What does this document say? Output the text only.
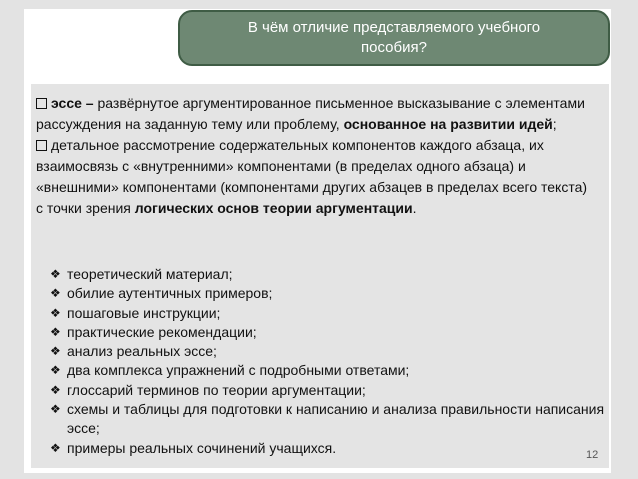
В чём отличие представляемого учебного
пособия?

эссе – развёрнутое аргументированное письменное высказывание с элементами рассуждения на заданную тему или проблему, основанное на развитии идей;

детальное рассмотрение содержательных компонентов каждого абзаца, их взаимосвязь с «внутренними» компонентами (в пределах одного абзаца) и «внешними» компонентами (компонентами других абзацев в пределах всего текста) с точки зрения логических основ теории аргументации.

❖ теоретический материал;
❖ обилие аутентичных примеров;
❖ пошаговые инструкции;
❖ практические рекомендации;
❖ анализ реальных эссе;
❖ два комплекса упражнений с подробными ответами;
❖ глоссарий терминов по теории аргументации;
❖ схемы и таблицы для подготовки к написанию и анализа правильности написания эссе;
❖ примеры реальных сочинений учащихся.	12
